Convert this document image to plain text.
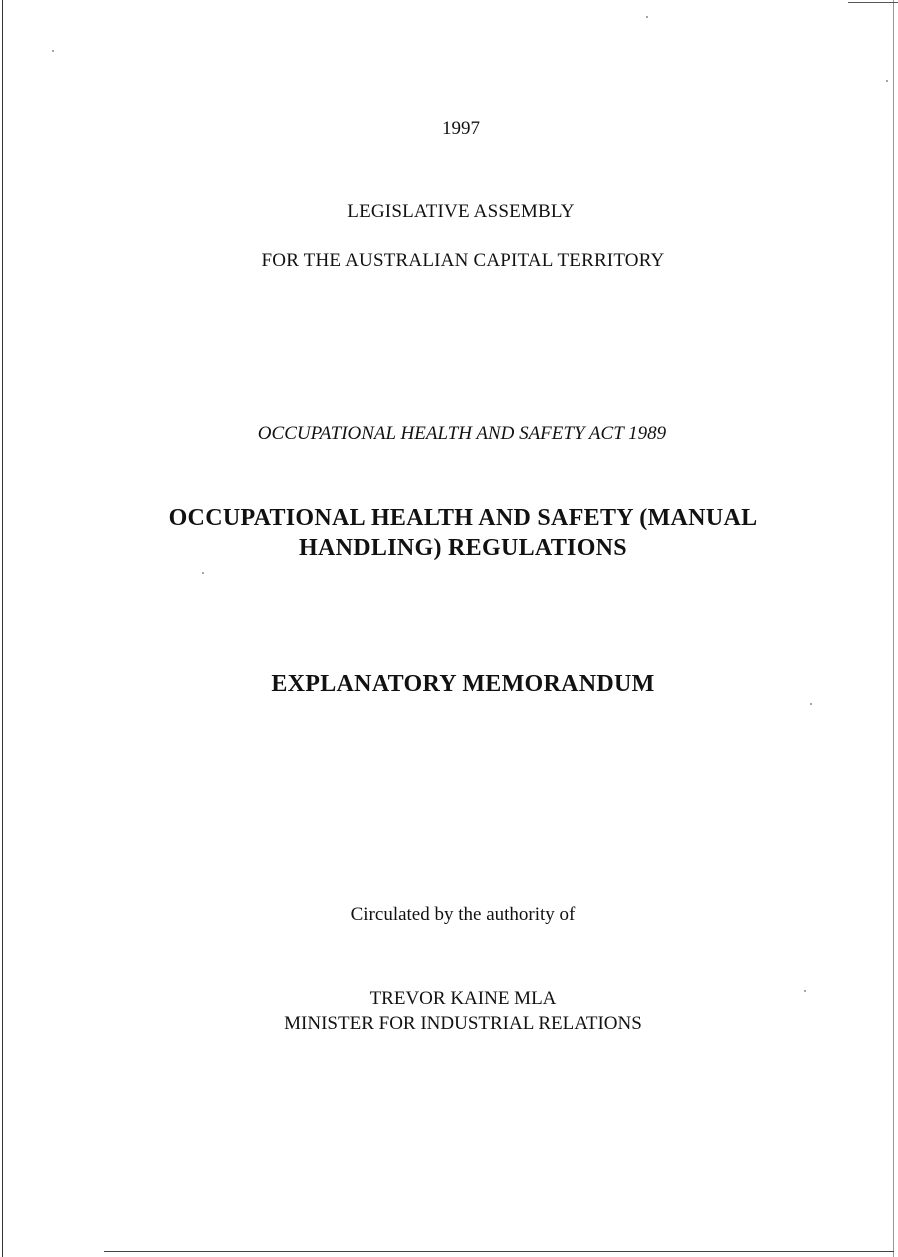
1997
LEGISLATIVE ASSEMBLY
FOR THE AUSTRALIAN CAPITAL TERRITORY
OCCUPATIONAL HEALTH AND SAFETY ACT 1989
OCCUPATIONAL HEALTH AND SAFETY (MANUAL
HANDLING) REGULATIONS
EXPLANATORY MEMORANDUM
Circulated by the authority of
TREVOR KAINE MLA
MINISTER FOR INDUSTRIAL RELATIONS
